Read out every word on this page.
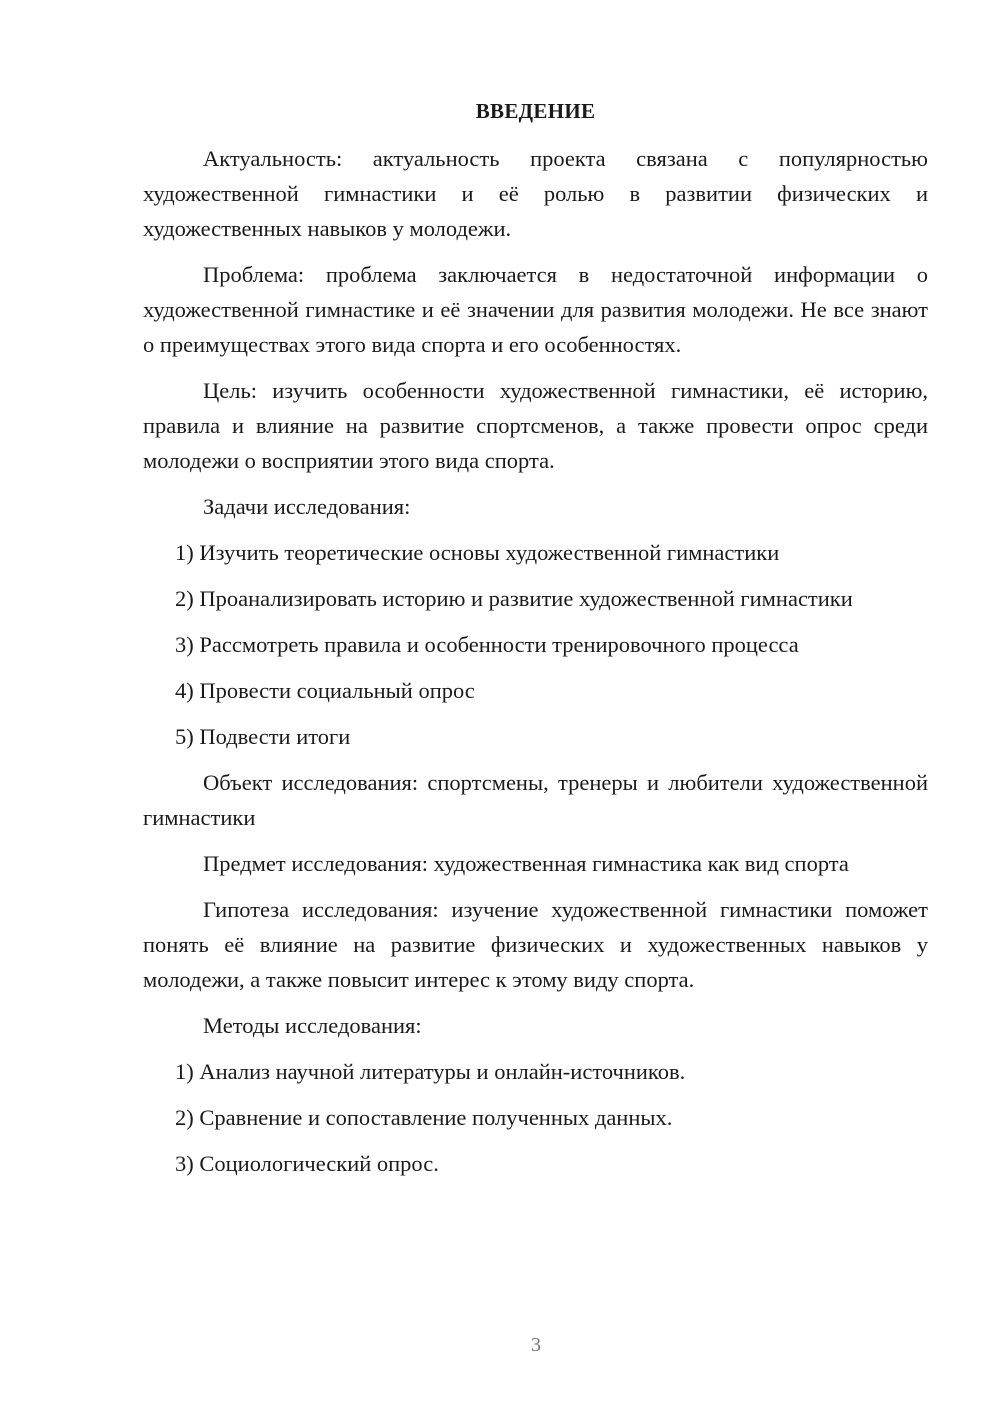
ВВЕДЕНИЕ

Актуальность: актуальность проекта связана с популярностью художественной гимнастики и её ролью в развитии физических и художественных навыков у молодежи.

Проблема: проблема заключается в недостаточной информации о художественной гимнастике и её значении для развития молодежи. Не все знают о преимуществах этого вида спорта и его особенностях.

Цель: изучить особенности художественной гимнастики, её историю, правила и влияние на развитие спортсменов, а также провести опрос среди молодежи о восприятии этого вида спорта.

Задачи исследования:
1) Изучить теоретические основы художественной гимнастики
2) Проанализировать историю и развитие художественной гимнастики
3) Рассмотреть правила и особенности тренировочного процесса
4) Провести социальный опрос
5) Подвести итоги

Объект исследования: спортсмены, тренеры и любители художественной гимнастики

Предмет исследования: художественная гимнастика как вид спорта

Гипотеза исследования: изучение художественной гимнастики поможет понять её влияние на развитие физических и художественных навыков у молодежи, а также повысит интерес к этому виду спорта.

Методы исследования:
1) Анализ научной литературы и онлайн-источников.
2) Сравнение и сопоставление полученных данных.
3) Социологический опрос.
3
